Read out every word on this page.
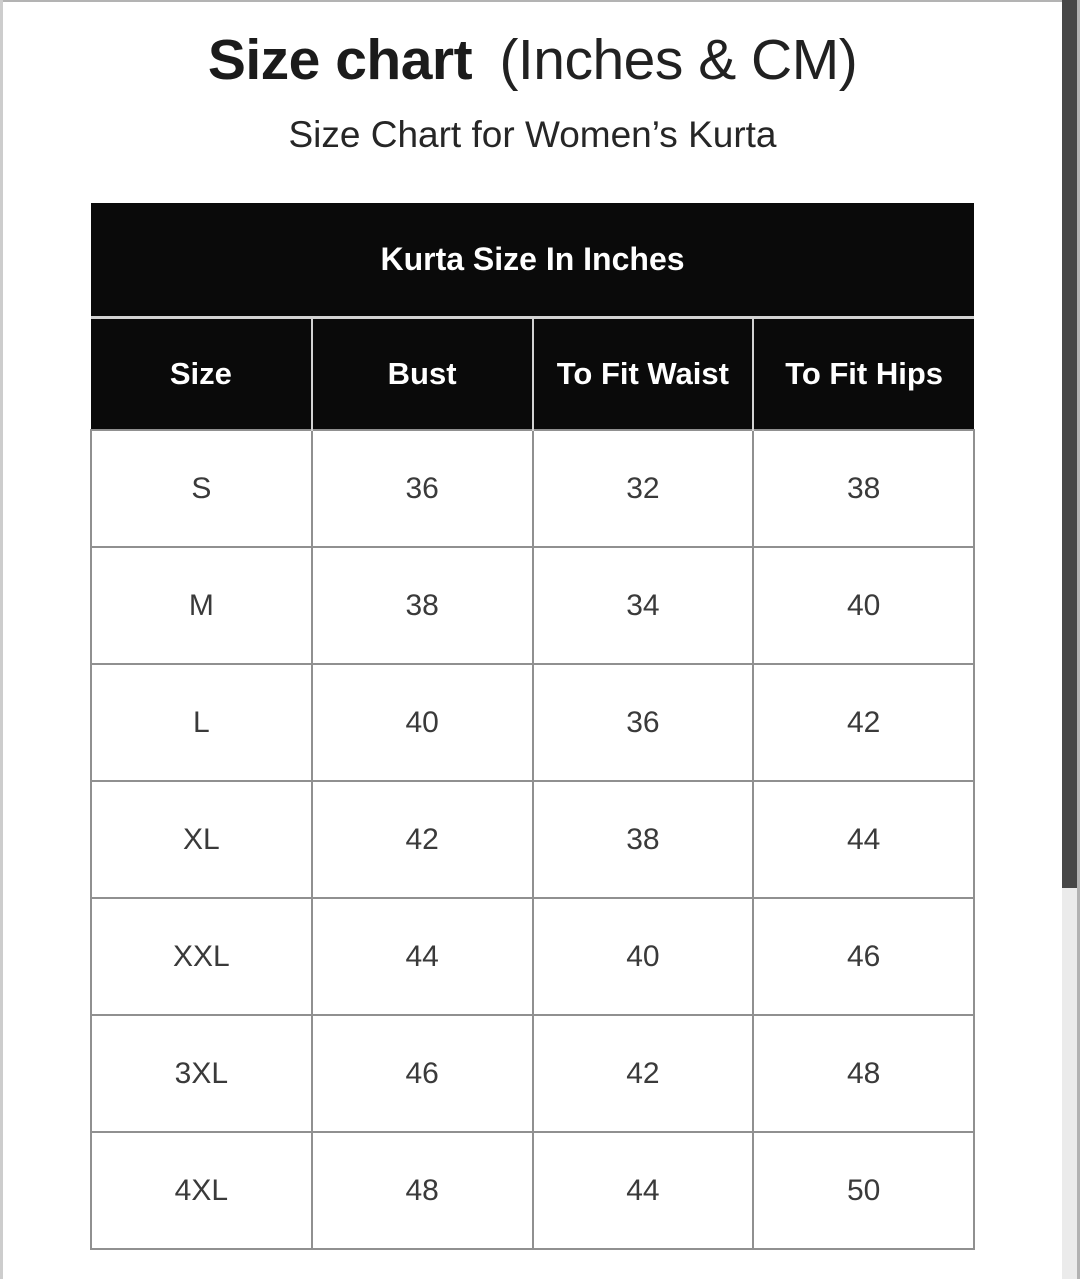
Size chart (Inches & CM)
Size Chart for Women’s Kurta
Kurta Size In Inches			
Size	Bust	To Fit Waist	To Fit Hips
S	36	32	38
M	38	34	40
L	40	36	42
XL	42	38	44
XXL	44	40	46
3XL	46	42	48
4XL	48	44	50
